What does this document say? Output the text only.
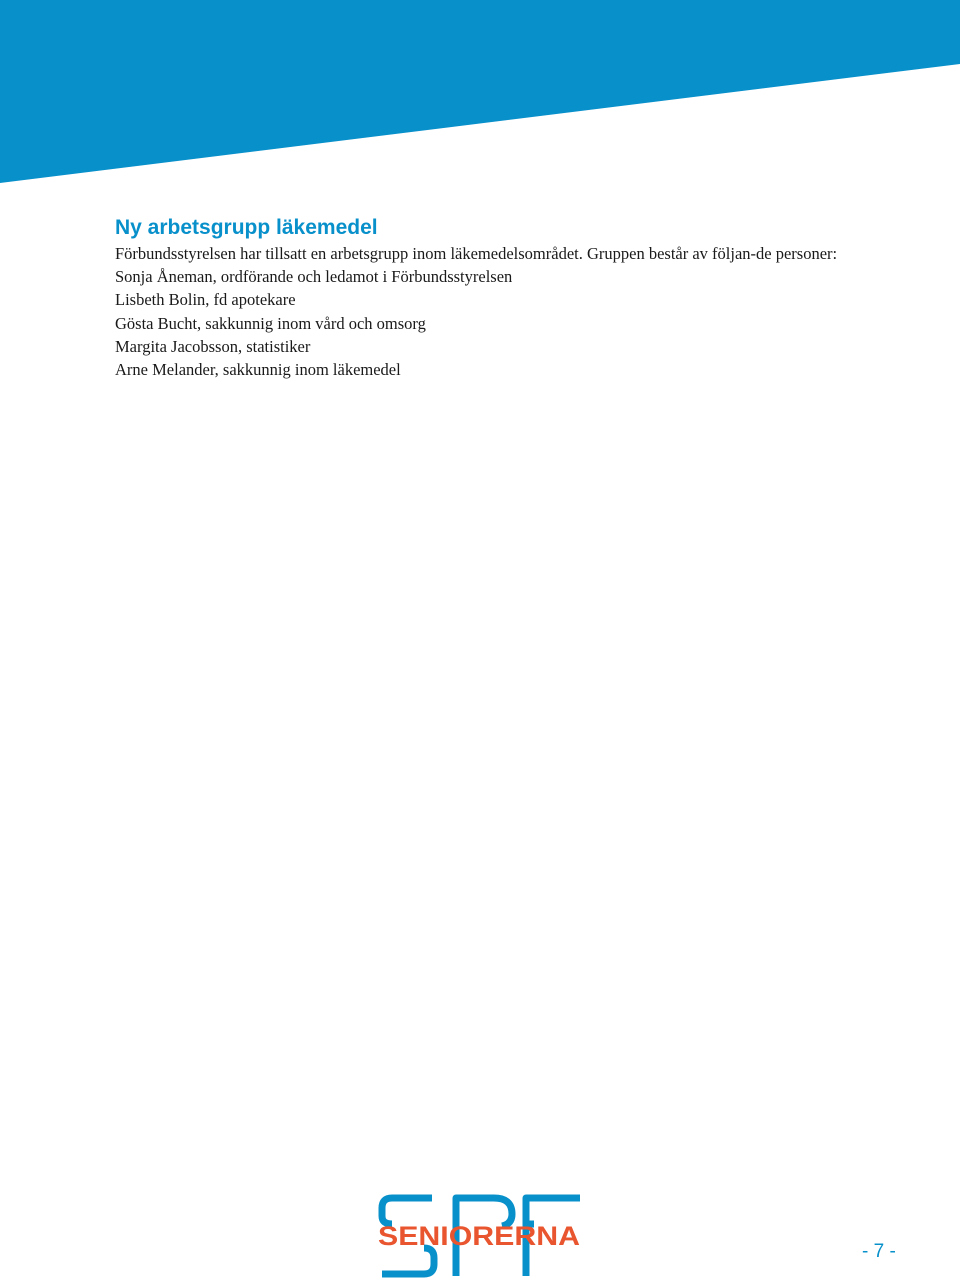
Ny arbetsgrupp läkemedel

Förbundsstyrelsen har tillsatt en arbetsgrupp inom läkemedelsområdet. Gruppen består av följan-de personer:

Sonja Åneman, ordförande och ledamot i Förbundsstyrelsen
Lisbeth Bolin, fd apotekare
Gösta Bucht, sakkunnig inom vård och omsorg
Margita Jacobsson, statistiker
Arne Melander, sakkunnig inom läkemedel
SENIORERNA
- 7 -
